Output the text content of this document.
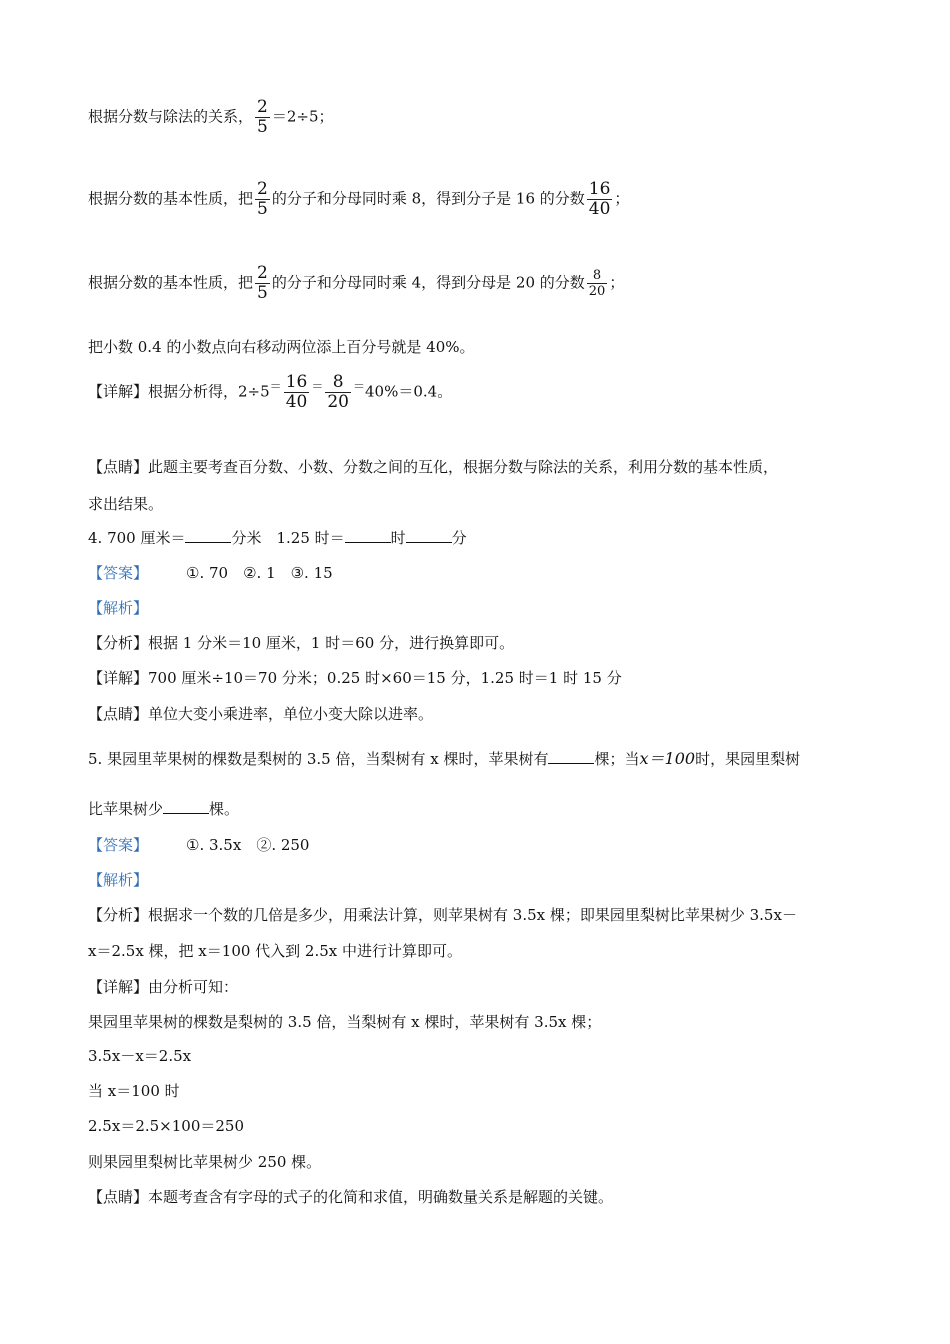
根据分数与除法的关系， $\frac{2}{5} =2\div 5$；
根据分数的基本性质，把 $\frac{2}{5}$ 的分子和分母同时乘 8，得到分子是 16 的分数 $\frac{16}{40}$ ；
根据分数的基本性质，把 $\frac{2}{5}$ 的分子和分母同时乘 4，得到分母是 20 的分数 $\frac{8}{20}$ ；
把小数 0.4 的小数点向右移动两位添上百分号就是 40%。
【详解】根据分析得，$2\div 5^= \frac{16}{40} ^= \frac{8}{20} ^=40\%=0.4$。
【点睛】此题主要考查百分数、小数、分数之间的互化，根据分数与除法的关系，利用分数的基本性质，
求出结果。
4. 700 厘米＝	分米　1.25 时＝	时	分
【答案】	①. 70　②. 1　③. 15
【解析】
【分析】根据 1 分米＝10 厘米，1 时＝60 分，进行换算即可。
【详解】700 厘米÷10＝70 分米；0.25 时×60＝15 分，1.25 时＝1 时 15 分
【点睛】单位大变小乘进率，单位小变大除以进率。
5. 果园里苹果树的棵数是梨树的 3.5 倍，当梨树有 x 棵时，苹果树有	棵；当x＝100时，果园里梨树
比苹果树少	棵。
【答案】	①. 3.5x　②. 250
【解析】
【分析】根据求一个数的几倍是多少，用乘法计算，则苹果树有 3.5x 棵；即果园里梨树比苹果树少 3.5x－
x＝2.5x 棵，把 x＝100 代入到 2.5x 中进行计算即可。
【详解】由分析可知：
果园里苹果树的棵数是梨树的 3.5 倍，当梨树有 x 棵时，苹果树有 3.5x 棵；
3.5x－x＝2.5x
当 x＝100 时
2.5x＝2.5×100＝250
则果园里梨树比苹果树少 250 棵。
【点睛】本题考查含有字母的式子的化简和求值，明确数量关系是解题的关键。
